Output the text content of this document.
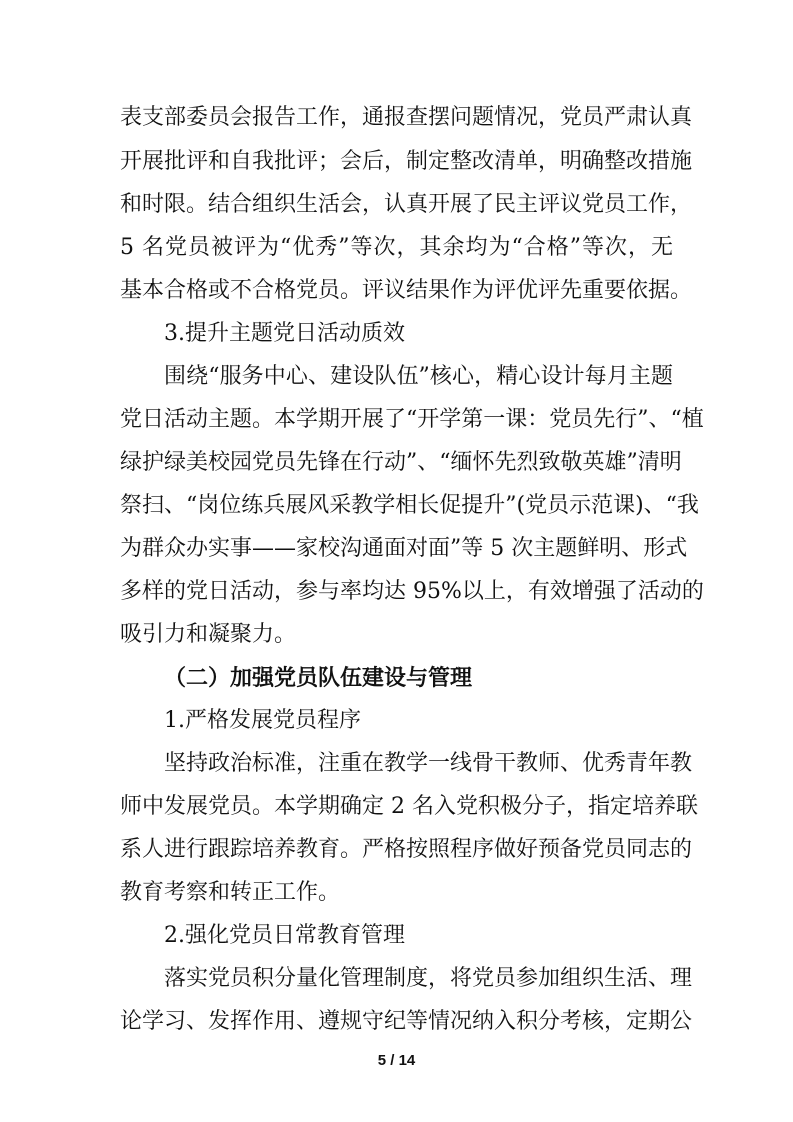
表支部委员会报告工作，通报查摆问题情况，党员严肃认真
开展批评和自我批评；会后，制定整改清单，明确整改措施
和时限。结合组织生活会，认真开展了民主评议党员工作，
5 名党员被评为“优秀”等次，其余均为“合格”等次，无
基本合格或不合格党员。评议结果作为评优评先重要依据。
3.提升主题党日活动质效
围绕“服务中心、建设队伍”核心，精心设计每月主题
党日活动主题。本学期开展了“开学第一课：党员先行”、“植
绿护绿美校园党员先锋在行动”、“缅怀先烈致敬英雄”清明
祭扫、“岗位练兵展风采教学相长促提升”(党员示范课)、“我
为群众办实事——家校沟通面对面”等 5 次主题鲜明、形式
多样的党日活动，参与率均达 95%以上，有效增强了活动的
吸引力和凝聚力。
（二）加强党员队伍建设与管理
1.严格发展党员程序
坚持政治标准，注重在教学一线骨干教师、优秀青年教
师中发展党员。本学期确定 2 名入党积极分子，指定培养联
系人进行跟踪培养教育。严格按照程序做好预备党员同志的
教育考察和转正工作。
2.强化党员日常教育管理
落实党员积分量化管理制度，将党员参加组织生活、理
论学习、发挥作用、遵规守纪等情况纳入积分考核，定期公
5 / 14
